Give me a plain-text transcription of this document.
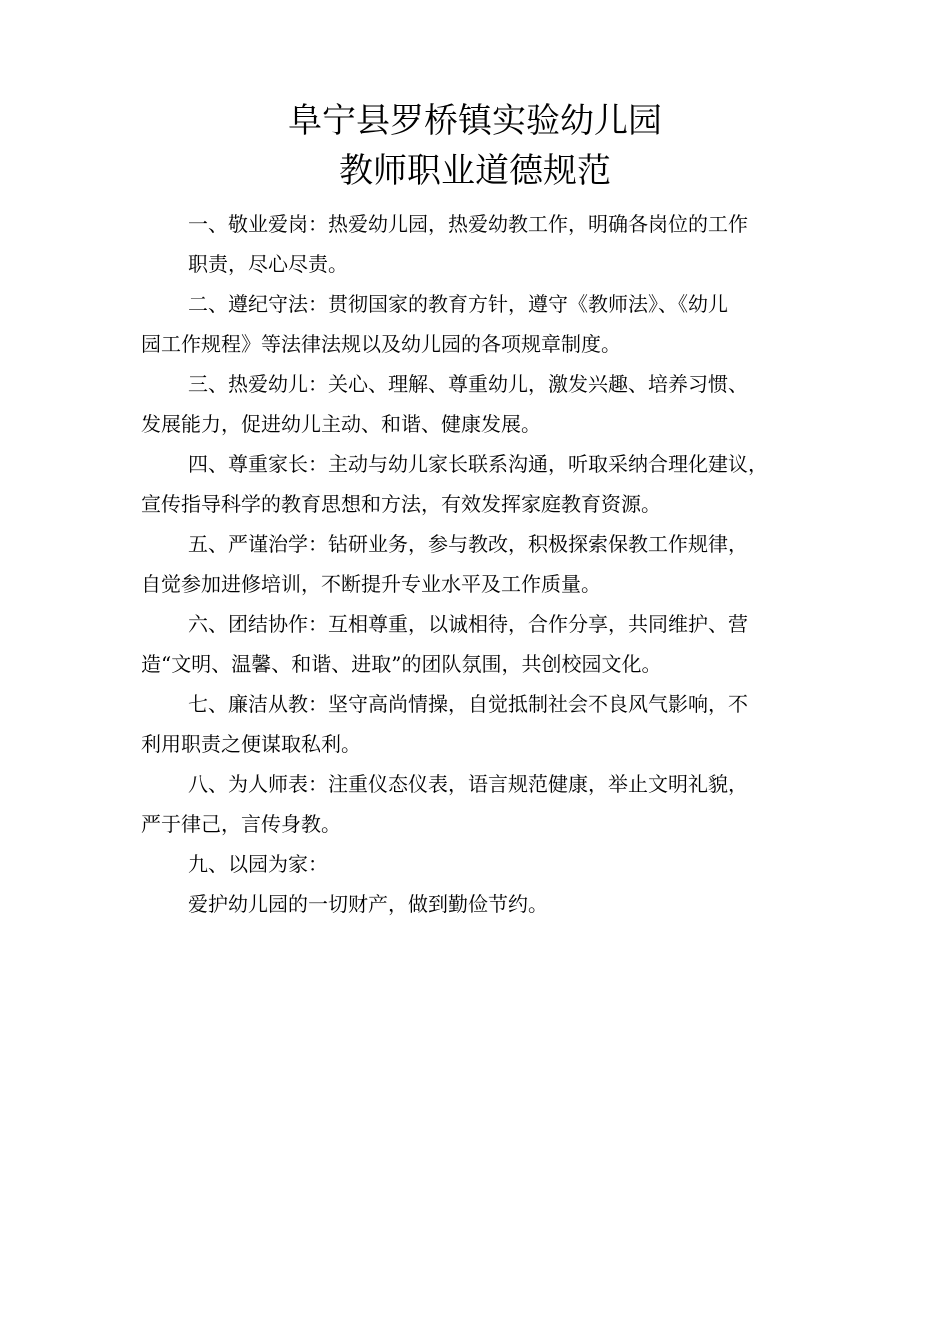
阜宁县罗桥镇实验幼儿园
教师职业道德规范
一、敬业爱岗：热爱幼儿园，热爱幼教工作，明确各岗位的工作
职责，尽心尽责。
二、遵纪守法：贯彻国家的教育方针，遵守《教师法》、《幼儿
园工作规程》等法律法规以及幼儿园的各项规章制度。
三、热爱幼儿：关心、理解、尊重幼儿，激发兴趣、培养习惯、
发展能力，促进幼儿主动、和谐、健康发展。
四、尊重家长：主动与幼儿家长联系沟通，听取采纳合理化建议，
宣传指导科学的教育思想和方法，有效发挥家庭教育资源。
五、严谨治学：钻研业务，参与教改，积极探索保教工作规律，
自觉参加进修培训，不断提升专业水平及工作质量。
六、团结协作：互相尊重，以诚相待，合作分享，共同维护、营
造“文明、温馨、和谐、进取”的团队氛围，共创校园文化。
七、廉洁从教：坚守高尚情操，自觉抵制社会不良风气影响，不
利用职责之便谋取私利。
八、为人师表：注重仪态仪表，语言规范健康，举止文明礼貌，
严于律己，言传身教。
九、以园为家：
爱护幼儿园的一切财产，做到勤俭节约。
